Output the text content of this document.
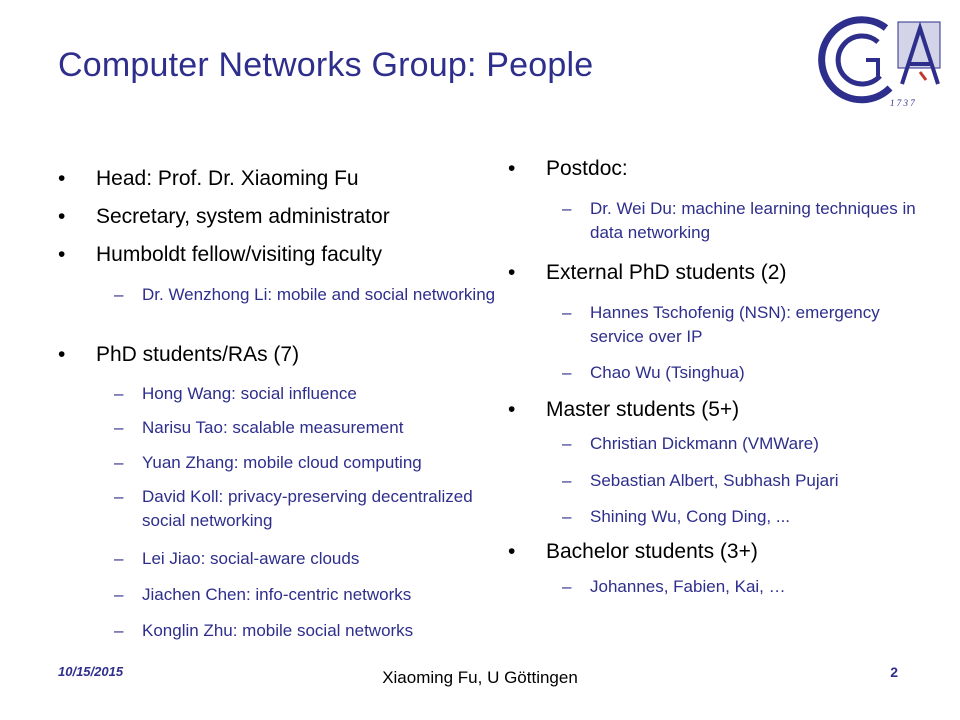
Computer Networks Group: People
1 7 3 7
• Head: Prof. Dr. Xiaoming Fu
• Secretary, system administrator
• Humboldt fellow/visiting faculty
– Dr. Wenzhong Li: mobile and social networking
• PhD students/RAs (7)
– Hong Wang: social influence
– Narisu Tao: scalable measurement
– Yuan Zhang: mobile cloud computing
– David Koll: privacy-preserving decentralized social networking
– Lei Jiao: social-aware clouds
– Jiachen Chen: info-centric networks
– Konglin Zhu: mobile social networks
• Postdoc:
– Dr. Wei Du: machine learning techniques in data networking
• External PhD students (2)
– Hannes Tschofenig (NSN): emergency service over IP
– Chao Wu (Tsinghua)
• Master students (5+)
– Christian Dickmann (VMWare)
– Sebastian Albert, Subhash Pujari
– Shining Wu, Cong Ding, ...
• Bachelor students (3+)
– Johannes, Fabien, Kai, …
10/15/2015	Xiaoming Fu, U Göttingen	2
